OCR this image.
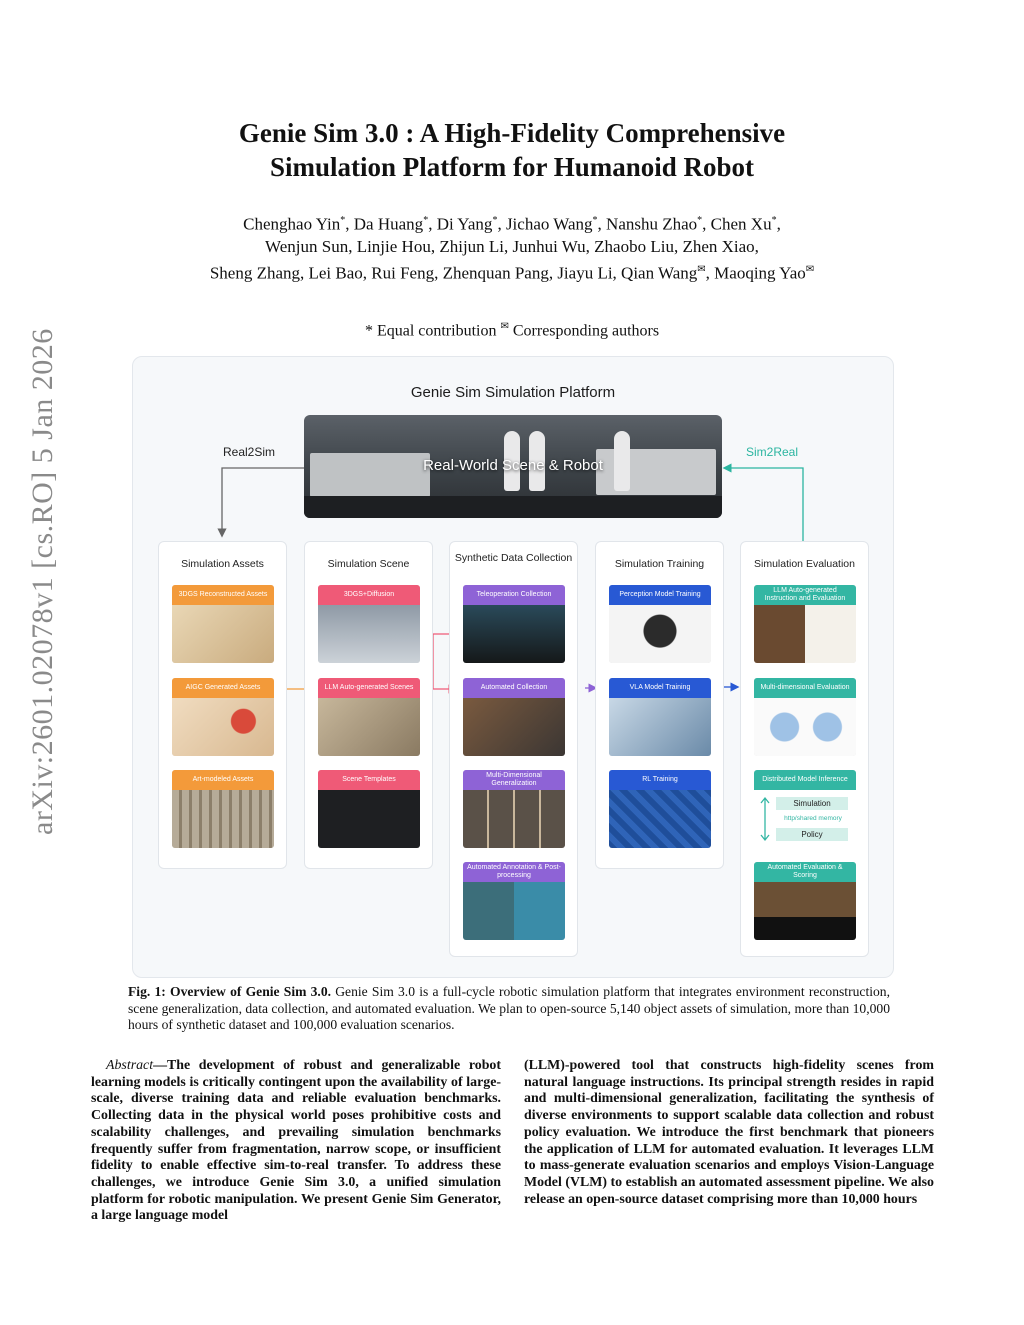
arXiv:2601.02078v1 [cs.RO] 5 Jan 2026
Genie Sim 3.0 : A High-Fidelity Comprehensive
Simulation Platform for Humanoid Robot
Chenghao Yin*, Da Huang*, Di Yang*, Jichao Wang*, Nanshu Zhao*, Chen Xu*,
Wenjun Sun, Linjie Hou, Zhijun Li, Junhui Wu, Zhaobo Liu, Zhen Xiao,
Sheng Zhang, Lei Bao, Rui Feng, Zhenquan Pang, Jiayu Li, Qian Wang✉, Maoqing Yao✉
* Equal contribution ✉ Corresponding authors
Genie Sim Simulation Platform
Real2Sim	Sim2Real
Real-World Scene & Robot
Simulation Assets
3DGS Reconstructed Assets
AIGC Generated Assets
Art-modeled Assets
Simulation Scene
3DGS+Diffusion
LLM Auto-generated Scenes
Scene Templates
Synthetic Data Collection
Teleoperation Collection
Automated Collection
Multi-Dimensional Generalization
Automated Annotation & Post-processing
Simulation Training
Perception Model Training
VLA Model Training
RL Training
Simulation Evaluation
LLM Auto-generated Instruction and Evaluation
Multi-dimensional Evaluation
Distributed Model Inference
Simulation
http/shared memory
Policy
Automated Evaluation & Scoring
Fig. 1: Overview of Genie Sim 3.0. Genie Sim 3.0 is a full-cycle robotic simulation platform that integrates environment reconstruction, scene generalization, data collection, and automated evaluation. We plan to open-source 5,140 object assets of simulation, more than 10,000 hours of synthetic dataset and 100,000 evaluation scenarios.
Abstract—The development of robust and generalizable robot learning models is critically contingent upon the availability of large-scale, diverse training data and reliable evaluation benchmarks. Collecting data in the physical world poses prohibitive costs and scalability challenges, and prevailing simulation benchmarks frequently suffer from fragmentation, narrow scope, or insufficient fidelity to enable effective sim-to-real transfer. To address these challenges, we introduce Genie Sim 3.0, a unified simulation platform for robotic manipulation. We present Genie Sim Generator, a large language model
(LLM)-powered tool that constructs high-fidelity scenes from natural language instructions. Its principal strength resides in rapid and multi-dimensional generalization, facilitating the synthesis of diverse environments to support scalable data collection and robust policy evaluation. We introduce the first benchmark that pioneers the application of LLM for automated evaluation. It leverages LLM to mass-generate evaluation scenarios and employs Vision-Language Model (VLM) to establish an automated assessment pipeline. We also release an open-source dataset comprising more than 10,000 hours
